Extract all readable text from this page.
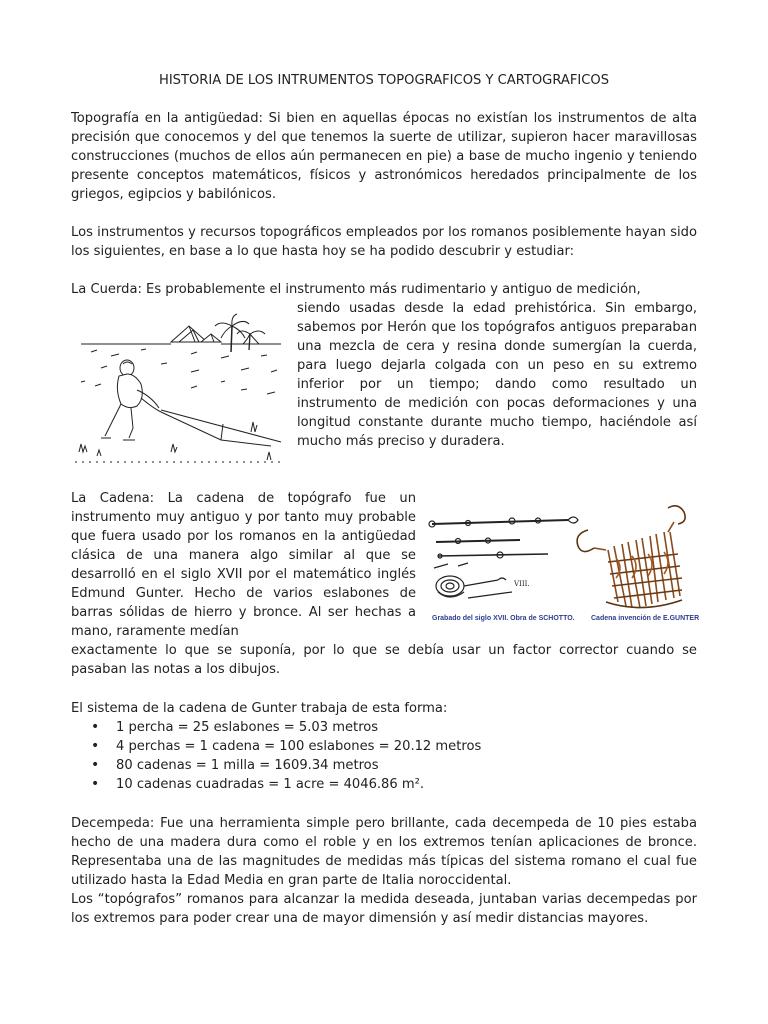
HISTORIA DE LOS INTRUMENTOS TOPOGRAFICOS Y CARTOGRAFICOS

Topografía en la antigüedad: Si bien en aquellas épocas no existían los instrumentos de alta precisión que conocemos y del que tenemos la suerte de utilizar, supieron hacer maravillosas construcciones (muchos de ellos aún permanecen en pie) a base de mucho ingenio y teniendo presente conceptos matemáticos, físicos y astronómicos heredados principalmente de los griegos, egipcios y babilónicos.

Los instrumentos y recursos topográficos empleados por los romanos posiblemente hayan sido los siguientes, en base a lo que hasta hoy se ha podido descubrir y estudiar:

La Cuerda: Es probablemente el instrumento más rudimentario y antiguo de medición,

siendo usadas desde la edad prehistórica. Sin embargo, sabemos por Herón que los topógrafos antiguos preparaban una mezcla de cera y resina donde sumergían la cuerda, para luego dejarla colgada con un peso en su extremo inferior por un tiempo; dando como resultado un instrumento de medición con pocas deformaciones y una longitud constante durante mucho tiempo, haciéndole así mucho más preciso y duradera.

La Cadena: La cadena de topógrafo fue un instrumento muy antiguo y por tanto muy probable que fuera usado por los romanos en la antigüedad clásica de una manera algo similar al que se desarrolló en el siglo XVII por el matemático inglés Edmund Gunter. Hecho de varios eslabones de barras sólidas de hierro y bronce. Al ser hechas a mano, raramente medían

exactamente lo que se suponía, por lo que se debía usar un factor corrector cuando se pasaban las notas a los dibujos.

VIII.
Grabado del siglo XVII. Obra de SCHOTTO. Cadena invención de E.GUNTER

El sistema de la cadena de Gunter trabaja de esta forma:

• 1 percha = 25 eslabones = 5.03 metros
• 4 perchas = 1 cadena = 100 eslabones = 20.12 metros
• 80 cadenas = 1 milla = 1609.34 metros
• 10 cadenas cuadradas = 1 acre = 4046.86 m².

Decempeda: Fue una herramienta simple pero brillante, cada decempeda de 10 pies estaba hecho de una madera dura como el roble y en los extremos tenían aplicaciones de bronce. Representaba una de las magnitudes de medidas más típicas del sistema romano el cual fue utilizado hasta la Edad Media en gran parte de Italia noroccidental.

Los “topógrafos” romanos para alcanzar la medida deseada, juntaban varias decempedas por los extremos para poder crear una de mayor dimensión y así medir distancias mayores.
